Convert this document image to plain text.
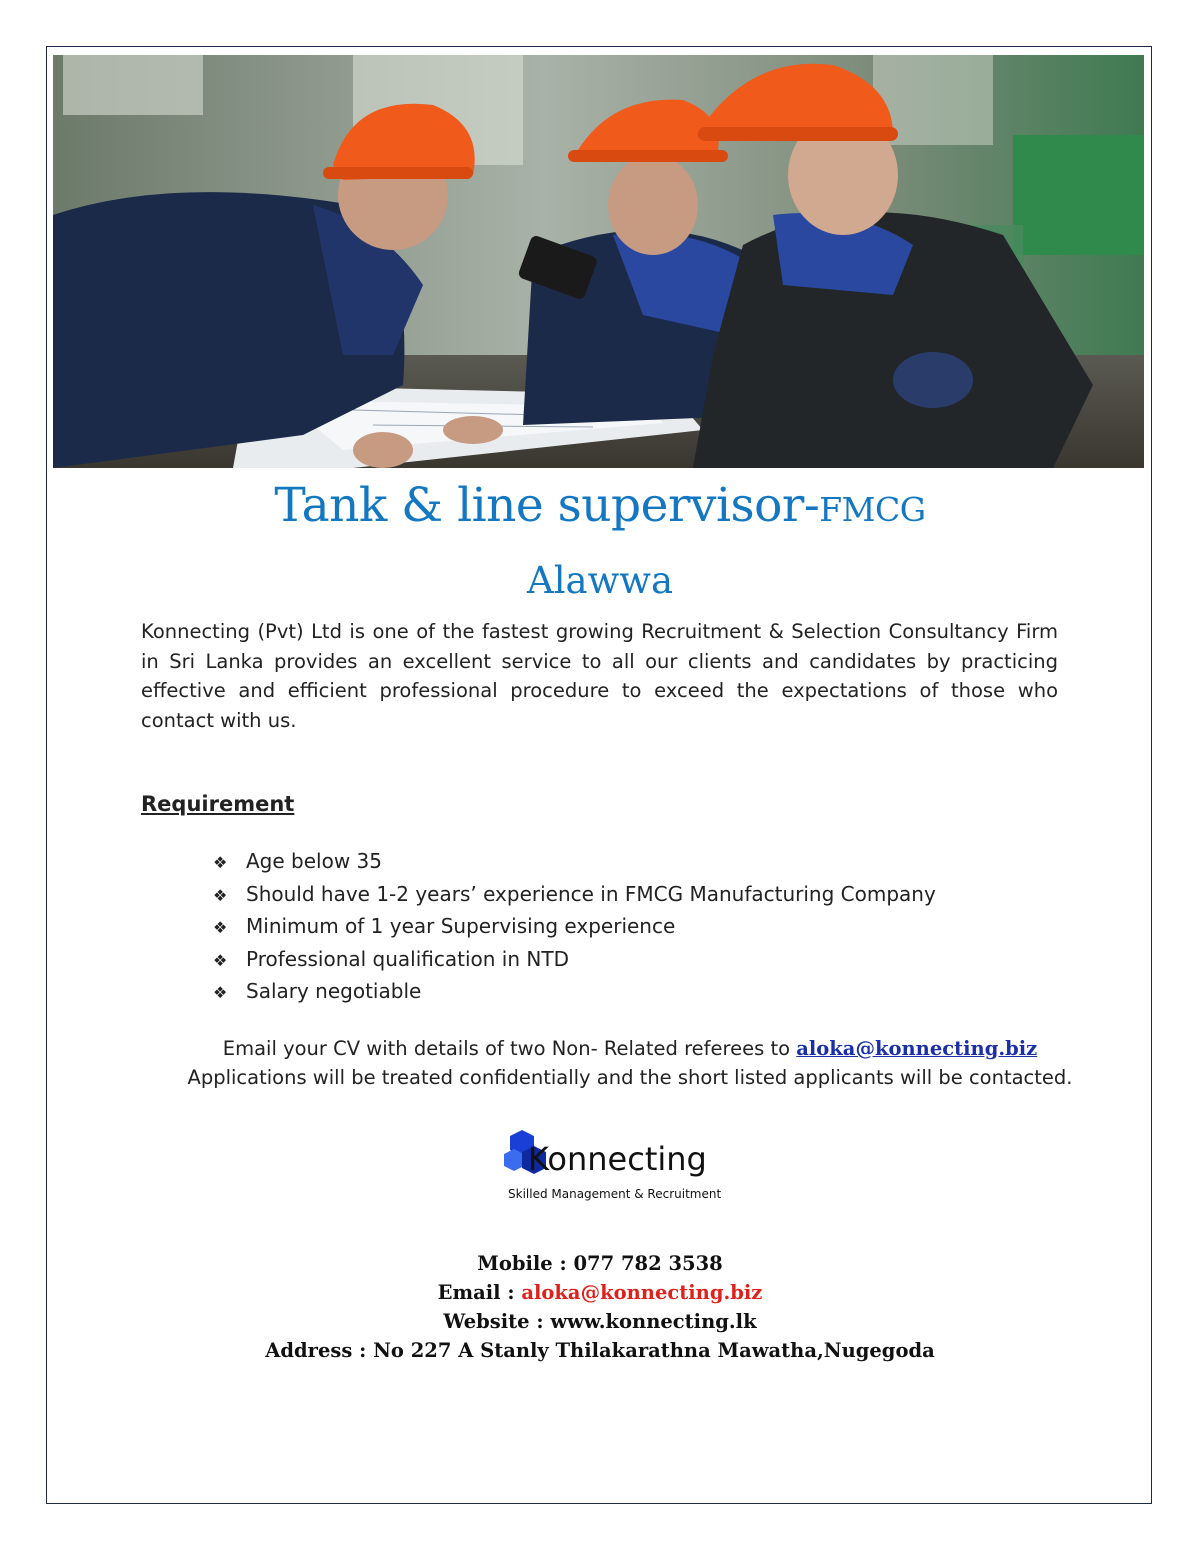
Tank & line supervisor-FMCG
Alawwa

Konnecting (Pvt) Ltd is one of the fastest growing Recruitment & Selection Consultancy Firm in Sri Lanka provides an excellent service to all our clients and candidates by practicing effective and efficient professional procedure to exceed the expectations of those who contact with us.

Requirement
❖ Age below 35
❖ Should have 1-2 years’ experience in FMCG Manufacturing Company
❖ Minimum of 1 year Supervising experience
❖ Professional qualification in NTD
❖ Salary negotiable
Email your CV with details of two Non- Related referees to aloka@konnecting.biz
Applications will be treated confidentially and the short listed applicants will be contacted.
Konnecting
Skilled Management & Recruitment
Mobile : 077 782 3538
Email : aloka@konnecting.biz
Website : www.konnecting.lk
Address : No 227 A Stanly Thilakarathna Mawatha,Nugegoda
